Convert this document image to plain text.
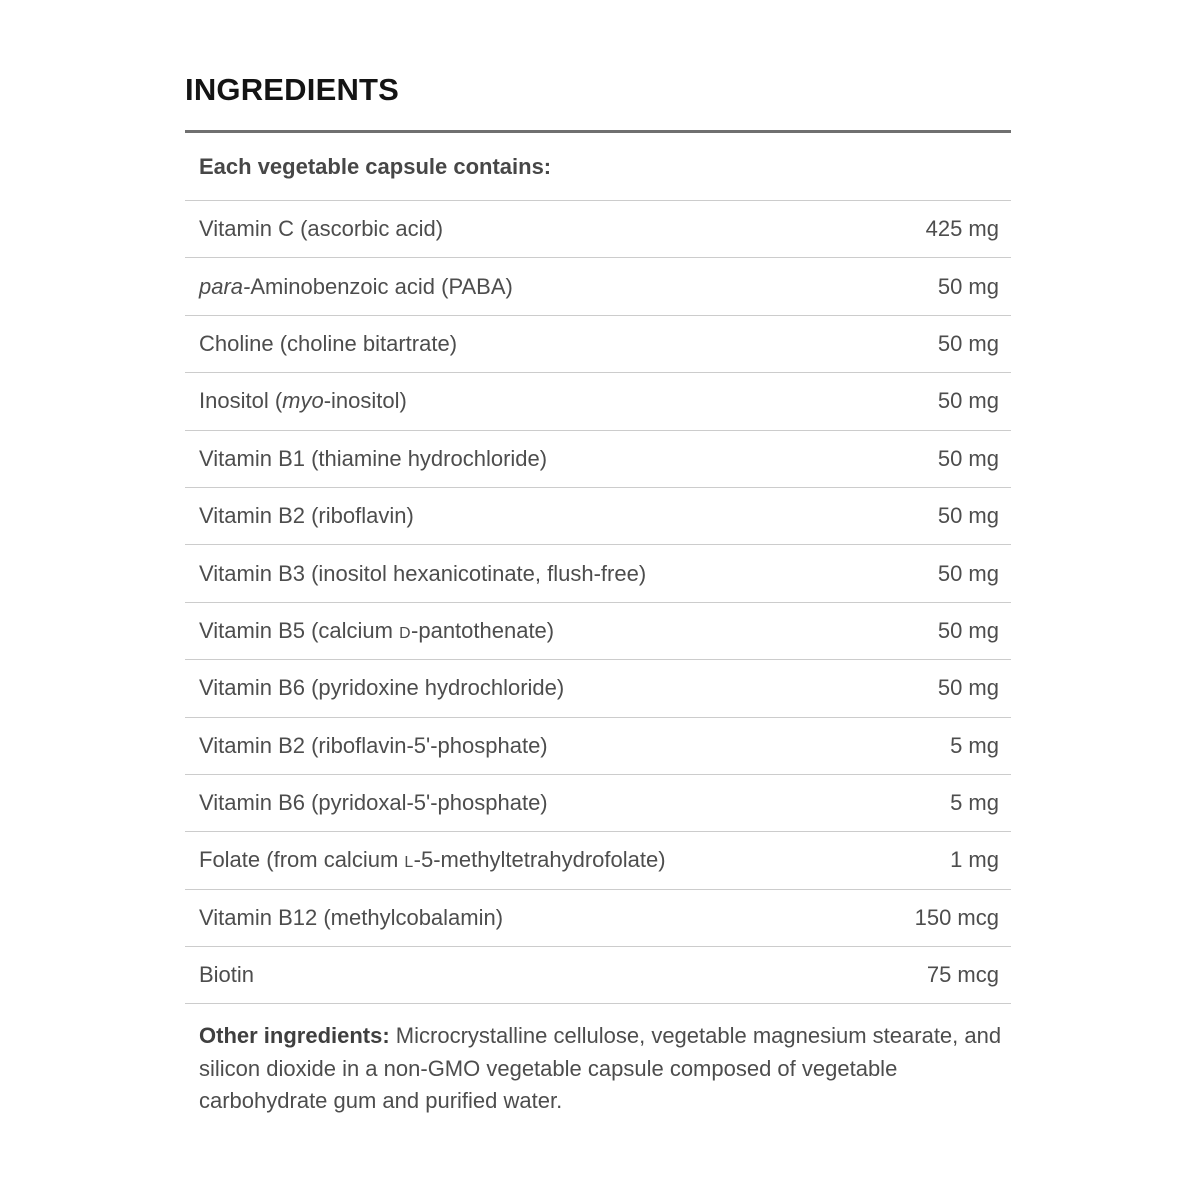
INGREDIENTS
Each vegetable capsule contains:
Vitamin C (ascorbic acid)	425 mg
para-Aminobenzoic acid (PABA)	50 mg
Choline (choline bitartrate)	50 mg
Inositol (myo-inositol)	50 mg
Vitamin B1 (thiamine hydrochloride)	50 mg
Vitamin B2 (riboflavin)	50 mg
Vitamin B3 (inositol hexanicotinate, flush-free)	50 mg
Vitamin B5 (calcium D-pantothenate)	50 mg
Vitamin B6 (pyridoxine hydrochloride)	50 mg
Vitamin B2 (riboflavin-5'-phosphate)	5 mg
Vitamin B6 (pyridoxal-5'-phosphate)	5 mg
Folate (from calcium L-5-methyltetrahydrofolate)	1 mg
Vitamin B12 (methylcobalamin)	150 mcg
Biotin	75 mcg

Other ingredients: Microcrystalline cellulose, vegetable magnesium stearate, and silicon dioxide in a non-GMO vegetable capsule composed of vegetable carbohydrate gum and purified water.
